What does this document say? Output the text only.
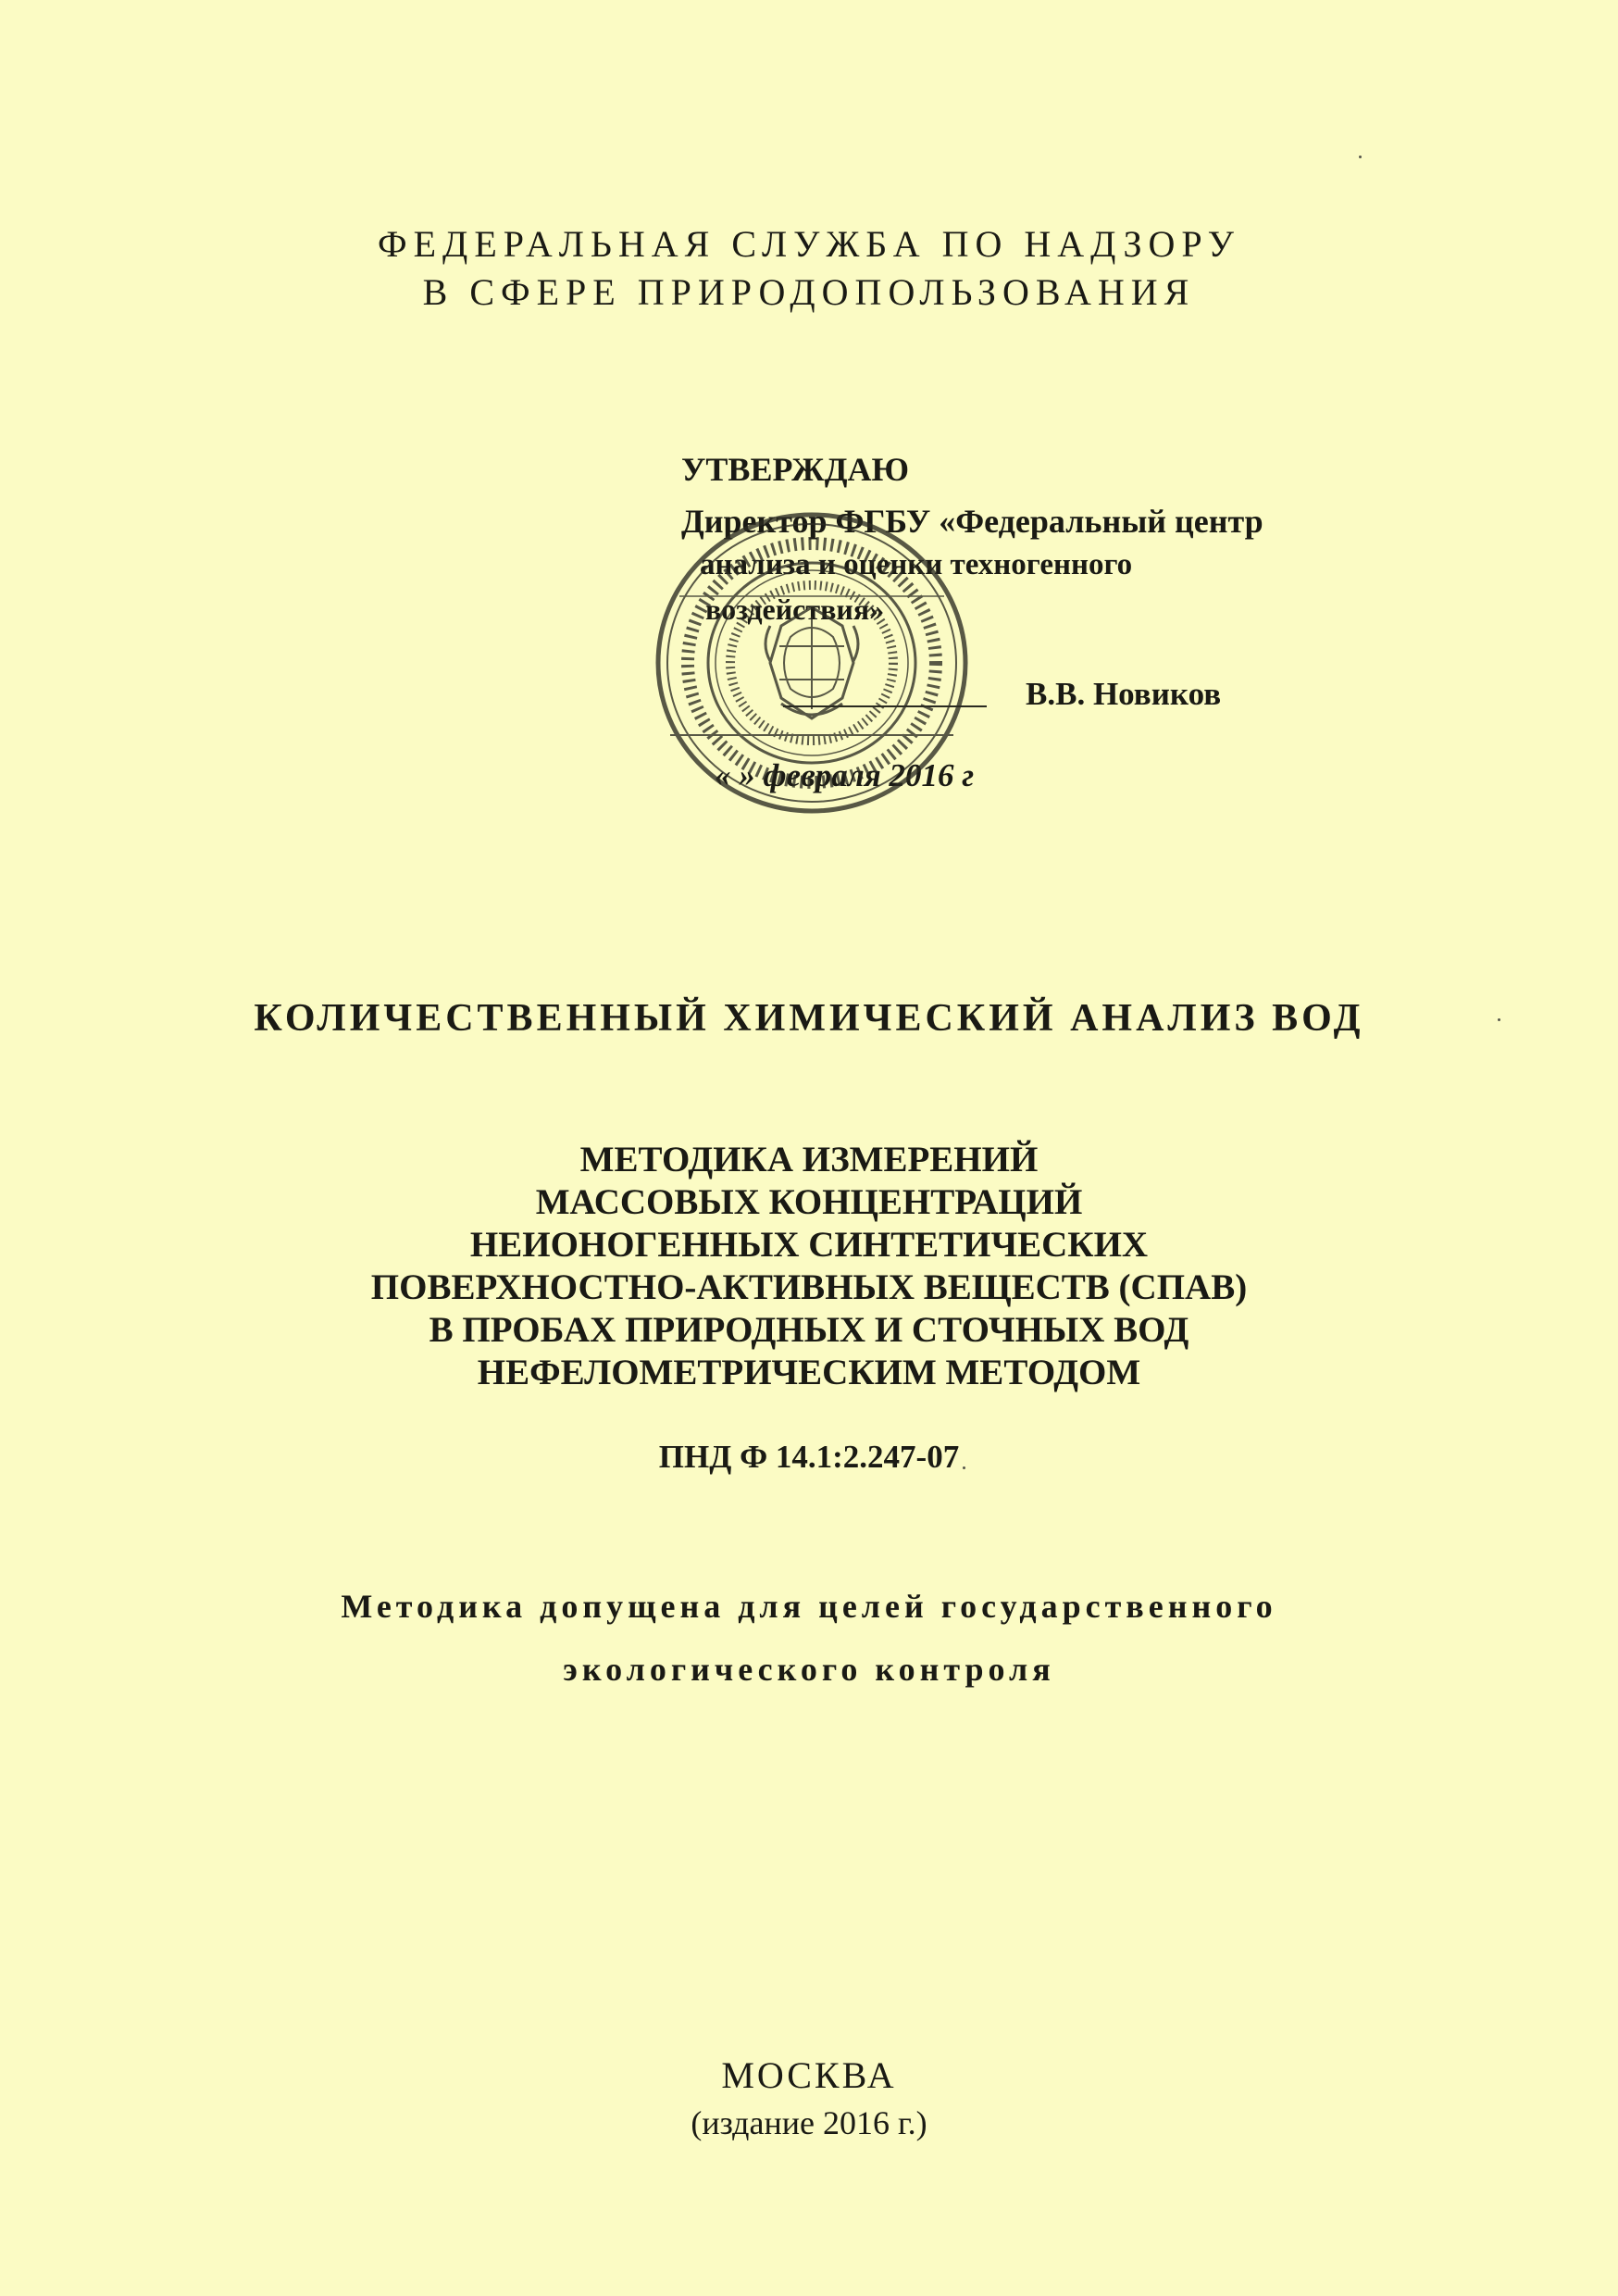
ФЕДЕРАЛЬНАЯ СЛУЖБА ПО НАДЗОРУ
В СФЕРЕ ПРИРОДОПОЛЬЗОВАНИЯ
УТВЕРЖДАЮ
Директор ФГБУ «Федеральный центр
анализа и оценки техногенного
воздействия»
В.В. Новиков
« » февраля 2016 г
КОЛИЧЕСТВЕННЫЙ ХИМИЧЕСКИЙ АНАЛИЗ ВОД
МЕТОДИКА ИЗМЕРЕНИЙ
МАССОВЫХ КОНЦЕНТРАЦИЙ
НЕИОНОГЕННЫХ СИНТЕТИЧЕСКИХ
ПОВЕРХНОСТНО-АКТИВНЫХ ВЕЩЕСТВ (СПАВ)
В ПРОБАХ ПРИРОДНЫХ И СТОЧНЫХ ВОД
НЕФЕЛОМЕТРИЧЕСКИМ МЕТОДОМ
ПНД Ф 14.1:2.247-07
Методика допущена для целей государственного
экологического контроля
МОСКВА
(издание 2016 г.)
